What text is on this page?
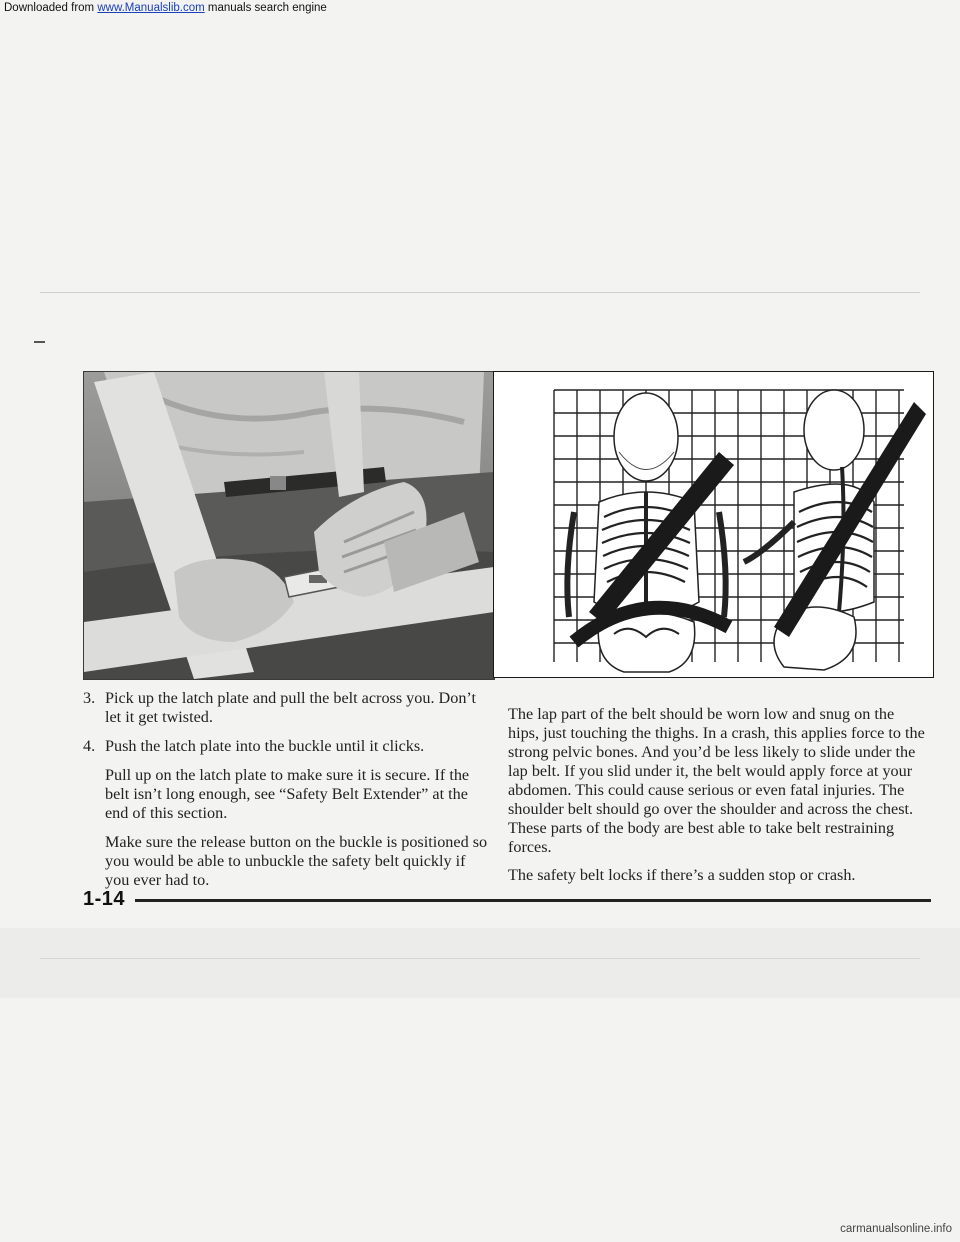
Downloaded from www.Manualslib.com manuals search engine
3. Pick up the latch plate and pull the belt across you. Don’t let it get twisted.
4. Push the latch plate into the buckle until it clicks.

Pull up on the latch plate to make sure it is secure. If the belt isn’t long enough, see “Safety Belt Extender” at the end of this section.

Make sure the release button on the buckle is positioned so you would be able to unbuckle the safety belt quickly if you ever had to.

The lap part of the belt should be worn low and snug on the hips, just touching the thighs. In a crash, this applies force to the strong pelvic bones. And you’d be less likely to slide under the lap belt. If you slid under it, the belt would apply force at your abdomen. This could cause serious or even fatal injuries. The shoulder belt should go over the shoulder and across the chest. These parts of the body are best able to take belt restraining forces.

The safety belt locks if there’s a sudden stop or crash.

1-14
carmanualsonline.info
